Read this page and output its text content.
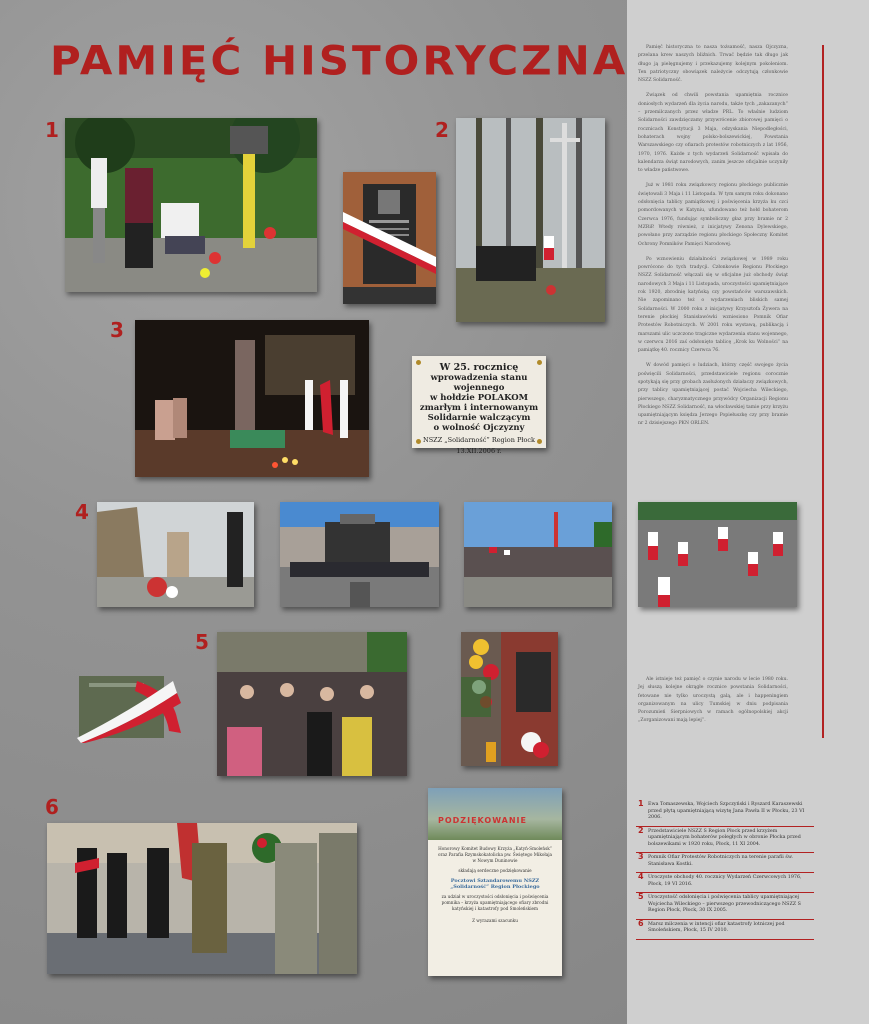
PAMIĘĆ HISTORYCZNA
1	2
3
4
5
6
W 25. rocznicę
wprowadzenia stanu wojennego
w hołdzie POLAKOM
zmarłym i internowanym
Solidarnie walczącym
o wolność Ojczyzny
NSZZ „Solidarność” Region Płock
13.XII.2006 r.
PODZIĘKOWANIE
Honorowy Komitet Budowy Krzyża „Katyń-Smoleńsk” oraz Parafia Rzymskokatolicka pw. Świętego Mikołaja w Nowym Duninowie
składają serdeczne podziękowanie
Pocztowi Sztandarowemu NSZZ „Solidarność” Region Płockiego
za udział w uroczystości odsłonięcia i poświęcenia pomnika – krzyża upamiętniającego ofiary zbrodni katyńskiej i katastrofy pod Smoleńskiem
Z wyrazami szacunku

Pamięć historyczna to nasza tożsamość, nasza Ojczyzna, przelana krew naszych bliźnich. Trwać będzie tak długo jak długo ją pielęgnujemy i przekazujemy kolejnym pokoleniom. Ten patriotyczny obowiązek należycie odczytują członkowie NSZZ Solidarność.

Związek od chwili powstania upamiętnia rocznice doniosłych wydarzeń dla życia narodu, także tych „zakazanych” – przemilczanych przez władze PRL. To właśnie ludziom Solidarności zawdzięczamy przywrócenie zbiorowej pamięci o rocznicach Konstytucji 3 Maja, odzyskania Niepodległości, bohaterach wojny polsko-bolszewickiej, Powstania Warszawskiego czy ofiarach protestów robotniczych z lat 1956, 1970, 1976. Każde z tych wydarzeń Solidarność wpisała do kalendarza świąt narodowych, zanim jeszcze oficjalnie uczyniły to władze państwowe.

Już w 1981 roku związkowcy regionu płockiego publicznie świętowali 3 Maja i 11 Listopada. W tym samym roku dokonano odsłonięcia tablicy pamiątkowej i poświęcenia krzyża ku czci pomordowanych w Katyniu, ufundowano też hołd bohaterom Czerwca 1976, fundując symboliczny głaz przy bramie nr 2 MZRiP. Wtedy również, z inicjatywy Zenona Dylewskiego, powołano przy zarządzie regionu płockiego Społeczny Komitet Ochrony Pomników Pamięci Narodowej.

Po wznowieniu działalności związkowej w 1989 roku powrócono do tych tradycji. Członkowie Regionu Płockiego NSZZ Solidarność włączali się w oficjalne już obchody świąt narodowych 3 Maja i 11 Listopada, uroczystości upamiętniające rok 1920, zbrodnię katyńską czy powstańców warszawskich. Nie zapominano też o wydarzeniach bliskich samej Solidarności. W 2000 roku z inicjatywy Krzysztofa Żywera na terenie płockiej Stanisławówki wzniesiono Pomnik Ofiar Protestów Robotniczych. W 2001 roku wystawą, publikacją i marszami ulic uczczono tragiczne wydarzenia stanu wojennego, w czerwcu 2016 zaś odsłonięto tablicę „Krok ku Wolności” na pamiątkę 40. rocznicy Czerwca 76.

W dowód pamięci o ludziach, którzy część swojego życia poświęcili Solidarności, przedstawiciele regionu corocznie spotykają się przy grobach zasłużonych działaczy związkowych, przy tablicy upamiętniającej postać Wojciecha Wileckiego, pierwszego, charyzmatycznego przywódcy Organizacji Regionu Płockiego NSZZ Solidarność, na włocławskiej tamie przy krzyżu upamiętniającym księdza Jerzego Popiełuszkę czy przy bramie nr 2 dzisiejszego PKN ORLEN.

Ale istnieje też pamięć o czynie narodu w lecie 1980 roku. Jej słuszą kolejne okrągłe rocznice powstania Solidarności, fetowane nie tylko uroczystą galą, ale i happeningiem organizowanym na ulicy Tumskiej w dniu podpisania Porozumień Sierpniowych w ramach ogólnopolskiej akcji „Zorganizowani mają lepiej”.

1 Ewa Tomaszewska, Wojciech Szpczyński i Ryszard Karaszewski przed płytą upamiętniającą wizytę Jana Pawła II w Płocku, 23 VI 2006.
2 Przedstawiciele NSZZ S Region Płock przed krzyżem upamiętniającym bohaterów poległych w obronie Płocka przed bolszewikami w 1920 roku, Płock, 11 XI 2004.
3 Pomnik Ofiar Protestów Robotniczych na terenie parafii św. Stanisława Kostki.
4 Uroczyste obchody 40. rocznicy Wydarzeń Czerwcowych 1976, Płock, 19 VI 2016.
5 Uroczystość odsłonięcia i poświęcenia tablicy upamiętniającej Wojciecha Wileckiego – pierwszego przewodniczącego NSZZ S Region Płock, Płock, 30 IX 2005.
6 Marsz milczenia w intencji ofiar katastrofy lotniczej pod Smoleńskiem, Płock, 15 IV 2010.
